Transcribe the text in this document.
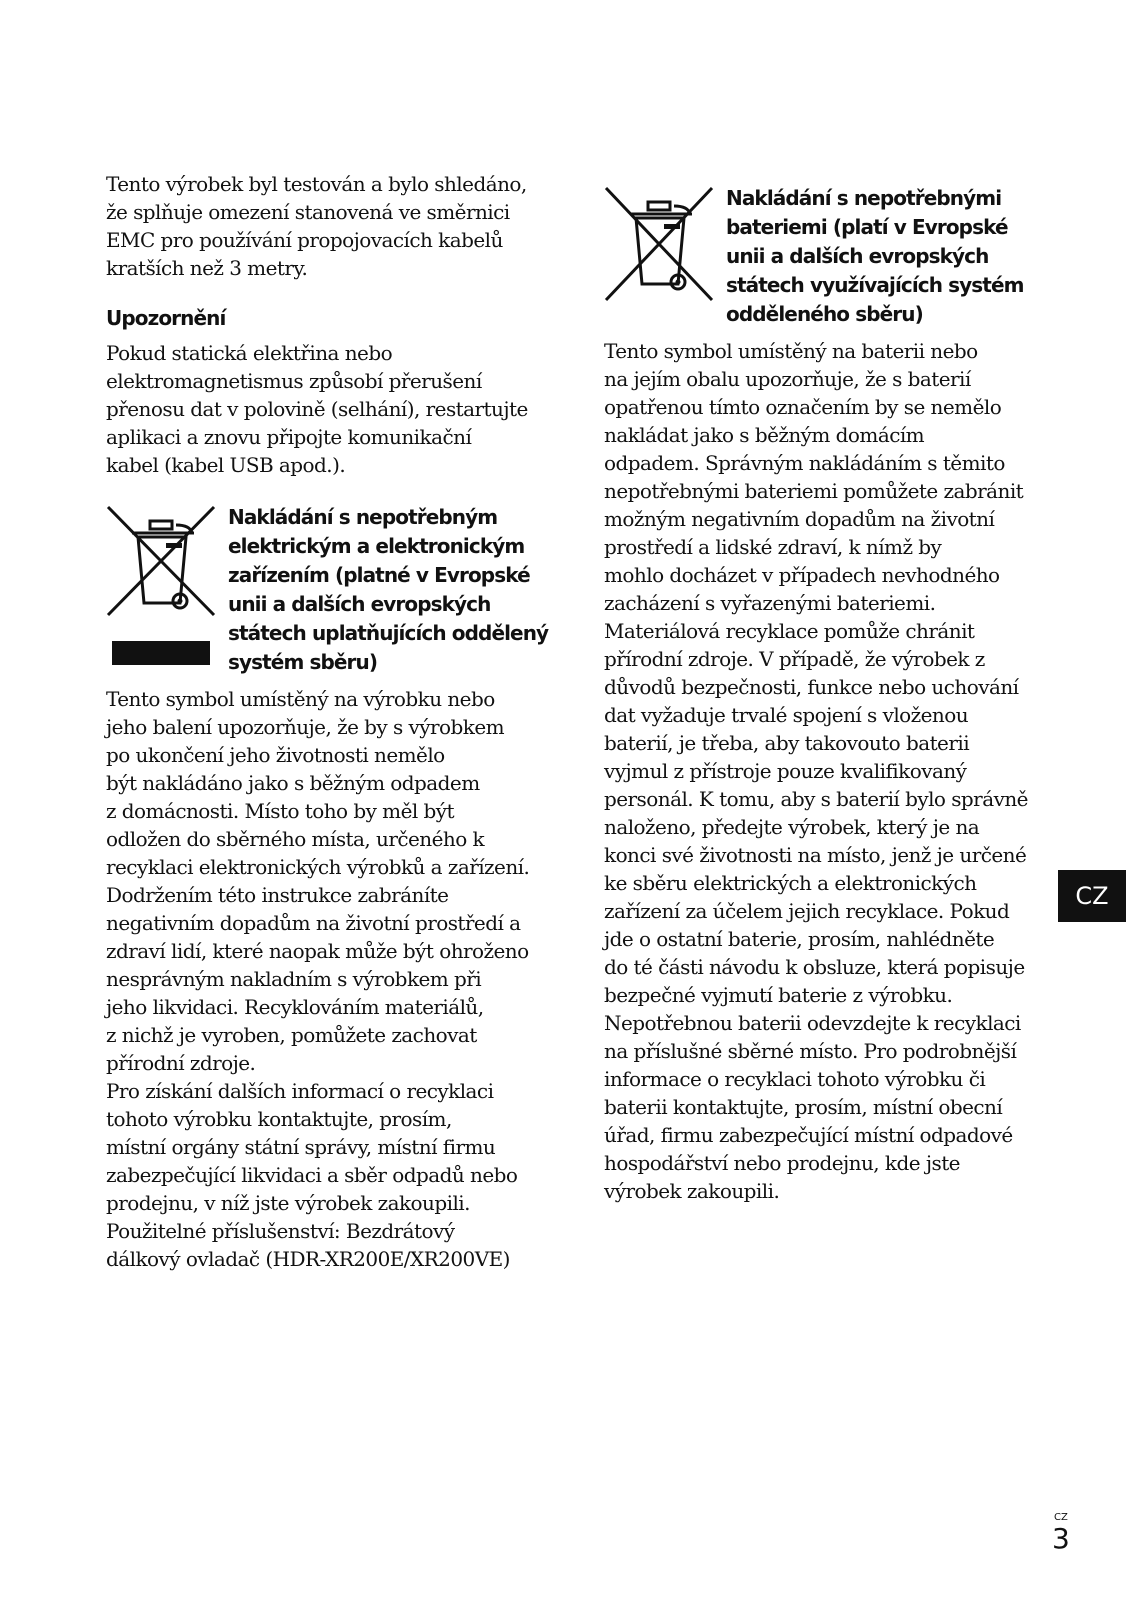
Tento výrobek byl testován a bylo shledáno,
že splňuje omezení stanovená ve směrnici
EMC pro používání propojovacích kabelů
kratších než 3 metry.

Upozornění

Pokud statická elektřina nebo
elektromagnetismus způsobí přerušení
přenosu dat v polovině (selhání), restartujte
aplikaci a znovu připojte komunikační
kabel (kabel USB apod.).

Nakládání s nepotřebným
elektrickým a elektronickým
zařízením (platné v Evropské
unii a dalších evropských
státech uplatňujících oddělený
systém sběru)

Tento symbol umístěný na výrobku nebo
jeho balení upozorňuje, že by s výrobkem
po ukončení jeho životnosti nemělo
být nakládáno jako s běžným odpadem
z domácnosti. Místo toho by měl být
odložen do sběrného místa, určeného k
recyklaci elektronických výrobků a zařízení.
Dodržením této instrukce zabráníte
negativním dopadům na životní prostředí a
zdraví lidí, které naopak může být ohroženo
nesprávným nakladním s výrobkem při
jeho likvidaci. Recyklováním materiálů,
z nichž je vyroben, pomůžete zachovat
přírodní zdroje.
Pro získání dalších informací o recyklaci
tohoto výrobku kontaktujte, prosím,
místní orgány státní správy, místní firmu
zabezpečující likvidaci a sběr odpadů nebo
prodejnu, v níž jste výrobek zakoupili.
Použitelné příslušenství: Bezdrátový
dálkový ovladač (HDR-XR200E/XR200VE)

Nakládání s nepotřebnými
bateriemi (platí v Evropské
unii a dalších evropských
státech využívajících systém
oddělené​ho sběru)

Tento symbol umístěný na baterii nebo
na jejím obalu upozorňuje, že s baterií
opatřenou tímto označením by se nemělo
nakládat jako s běžným domácím
odpadem. Správným nakládáním s těmito
nepotřebnými bateriemi pomůžete zabránit
možným negativním dopadům na životní
prostředí a lidské zdraví, k nímž by
mohlo docházet v případech nevhodného
zacházení s vyřazenými bateriemi.
Materiálová recyklace pomůže chránit
přírodní zdroje. V případě, že výrobek z
důvodů bezpečnosti, funkce nebo uchování
dat vyžaduje trvalé spojení s vloženou
baterií, je třeba, aby takovouto baterii
vyjmul z přístroje pouze kvalifikovaný
personál. K tomu, aby s baterií bylo správně
naloženo, předejte výrobek, který je na
konci své životnosti na místo, jenž je určené
ke sběru elektrických a elektronických
zařízení za účelem jejich recyklace. Pokud
jde o ostatní baterie, prosím, nahlédněte
do té části návodu k obsluze, která popisuje
bezpečné vyjmutí baterie z výrobku.
Nepotřebnou baterii odevzdejte k recyklaci
na příslušné sběrné místo. Pro podrobnější
informace o recyklaci tohoto výrobku či
baterii kontaktujte, prosím, místní obecní
úřad, firmu zabezpečující místní odpadové
hospodářství nebo prodejnu, kde jste
výrobek zakoupili.

CZ
CZ
3
